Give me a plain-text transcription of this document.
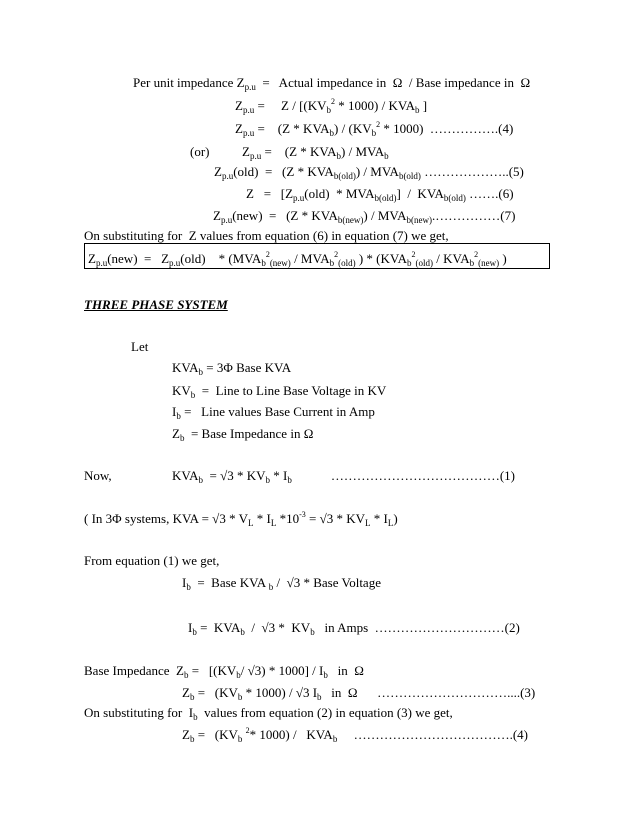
Per unit impedance $Z_{p.u}$  =   Actual impedance in  Ω  / Base impedance in  Ω
$Z_{p.u}$ =     Z / [$(KV_b^2 * 1000) / KVA_b$ ]
$Z_{p.u}$ =    $(Z * KVA_b) / (KV_b^2 * 1000)$  …………….(4)
(or)          $Z_{p.u}$ =    $(Z * KVA_b) / MVA_b$
$Z_{p.u}(old) = (Z * KVA_{b(old)}) / MVA_{b(old)}$ ………………..(5)
$Z = [Z_{p.u}(old) * MVA_{b(old)}] / KVA_{b(old)}$ …….(6)
$Z_{p.u}(new) = (Z * KVA_{b(new)})$ / $MVA_{b(new)}.\dots\dots\dots\dots\dots(7)$
On substituting for  Z values from equation (6) in equation (7) we get,
$Z_{p.u}(new) = Z_{p.u}(old)$    * ($MVA_b^2_{(new)} / MVA_b^2_{(old)}$ ) * ($KVA_b^2_{(old)} / KVA_b^2_{(new)}$ )
THREE PHASE SYSTEM
Let
$KVA_b = 3\Phi$ Base KVA
$KV_b$  =  Line to Line Base Voltage in KV
$I_b$ =   Line values Base Current in Amp
$Z_b$  = Base Impedance in Ω
Now,	$KVA_b = √3 * KV_b * I_b$            …………………………………(1)
( In 3Φ systems, KVA = $√3 * V_L * I_L$ $*10^{-3} = √3 * KV_L * I_L$)
From equation (1) we get,
$I_b$  =  Base KVA $_b$ /  √3 * Base Voltage
$I_b = KVA_b / √3 * KV_b$   in Amps  …………………………(2)
Base Impedance  $Z_b = [(KV_b/$ $√3) * 1000] / I_b$   in  Ω
$Z_b = (KV_b * 1000) / √3$ $I_b$   in  Ω      …………………………....(3)
On substituting for  $I_b$  values from equation (2) in equation (3) we get,
$Z_b = (KV_b$ $^2$* $1000) / KVA_b$     ……………………………….(4)
